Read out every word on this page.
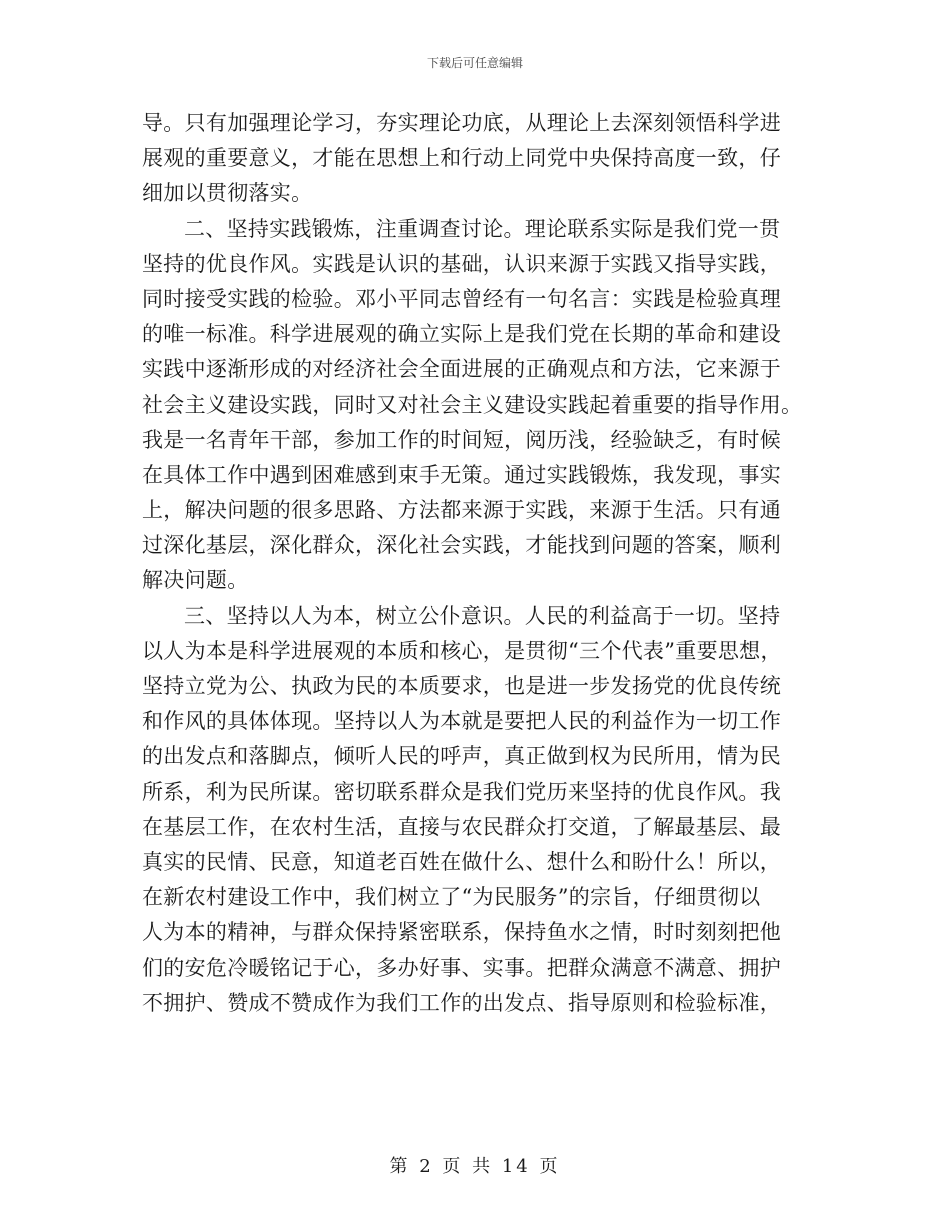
下载后可任意编辑
导。只有加强理论学习，夯实理论功底，从理论上去深刻领悟科学进
展观的重要意义，才能在思想上和行动上同党中央保持高度一致，仔
细加以贯彻落实。
二、坚持实践锻炼，注重调查讨论。理论联系实际是我们党一贯
坚持的优良作风。实践是认识的基础，认识来源于实践又指导实践，
同时接受实践的检验。邓小平同志曾经有一句名言：实践是检验真理
的唯一标准。科学进展观的确立实际上是我们党在长期的革命和建设
实践中逐渐形成的对经济社会全面进展的正确观点和方法，它来源于
社会主义建设实践，同时又对社会主义建设实践起着重要的指导作用。
我是一名青年干部，参加工作的时间短，阅历浅，经验缺乏，有时候
在具体工作中遇到困难感到束手无策。通过实践锻炼，我发现，事实
上，解决问题的很多思路、方法都来源于实践，来源于生活。只有通
过深化基层，深化群众，深化社会实践，才能找到问题的答案，顺利
解决问题。
三、坚持以人为本，树立公仆意识。人民的利益高于一切。坚持
以人为本是科学进展观的本质和核心，是贯彻“三个代表”重要思想，
坚持立党为公、执政为民的本质要求，也是进一步发扬党的优良传统
和作风的具体体现。坚持以人为本就是要把人民的利益作为一切工作
的出发点和落脚点，倾听人民的呼声，真正做到权为民所用，情为民
所系，利为民所谋。密切联系群众是我们党历来坚持的优良作风。我
在基层工作，在农村生活，直接与农民群众打交道，了解最基层、最
真实的民情、民意，知道老百姓在做什么、想什么和盼什么！所以，
在新农村建设工作中，我们树立了“为民服务”的宗旨，仔细贯彻以
人为本的精神，与群众保持紧密联系，保持鱼水之情，时时刻刻把他
们的安危冷暖铭记于心，多办好事、实事。把群众满意不满意、拥护
不拥护、赞成不赞成作为我们工作的出发点、指导原则和检验标准，
第 2 页 共 14 页
